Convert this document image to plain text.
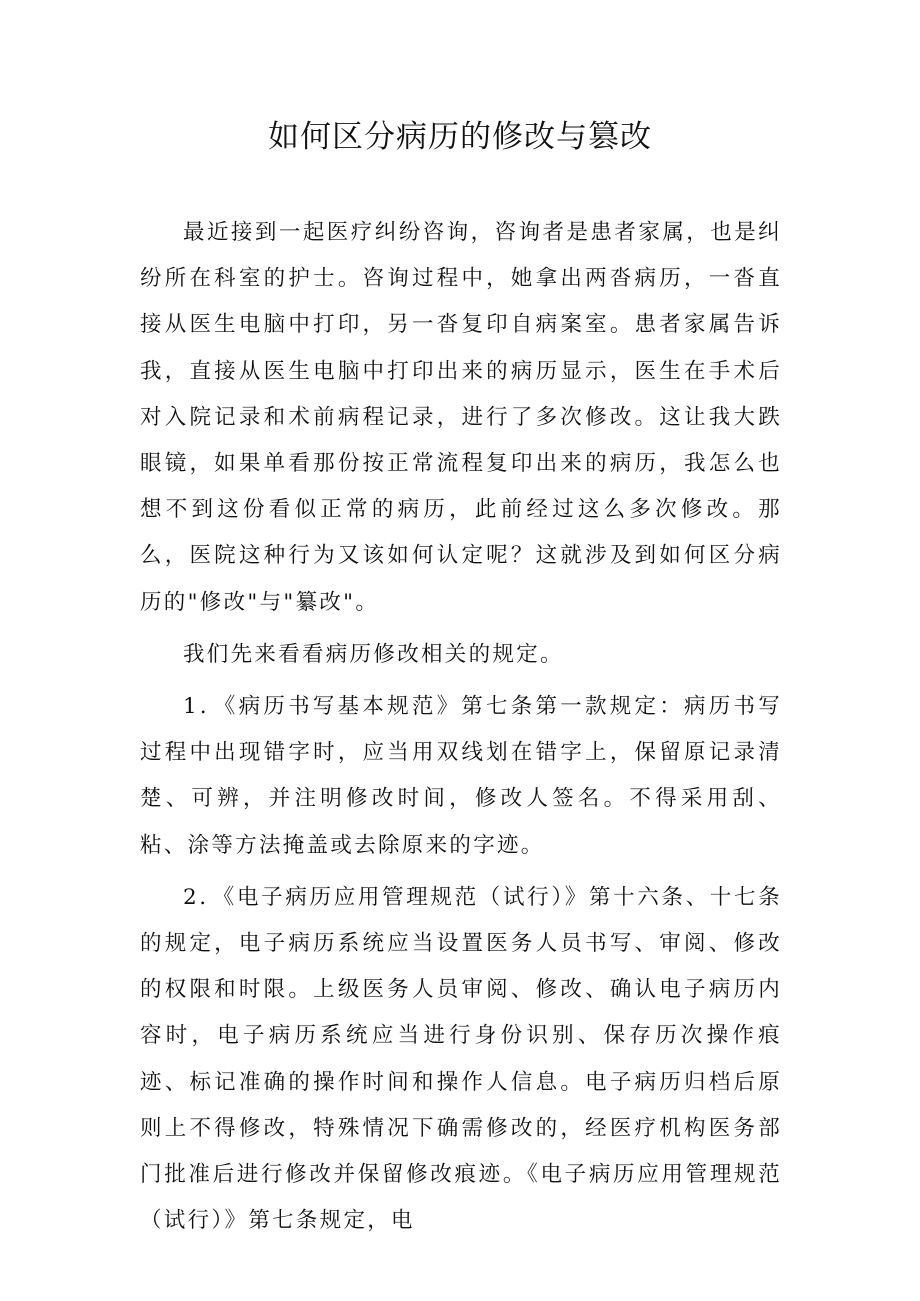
如何区分病历的修改与篡改

最近接到一起医疗纠纷咨询，咨询者是患者家属，也是纠纷所在科室的护士。咨询过程中，她拿出两沓病历，一沓直接从医生电脑中打印，另一沓复印自病案室。患者家属告诉我，直接从医生电脑中打印出来的病历显示，医生在手术后对入院记录和术前病程记录，进行了多次修改。这让我大跌眼镜，如果单看那份按正常流程复印出来的病历，我怎么也想不到这份看似正常的病历，此前经过这么多次修改。那么，医院这种行为又该如何认定呢？这就涉及到如何区分病历的"修改"与"纂改"。

我们先来看看病历修改相关的规定。

1．《病历书写基本规范》第七条第一款规定：病历书写过程中出现错字时，应当用双线划在错字上，保留原记录清楚、可辨，并注明修改时间，修改人签名。不得采用刮、粘、涂等方法掩盖或去除原来的字迹。

2．《电子病历应用管理规范（试行）》第十六条、十七条的规定，电子病历系统应当设置医务人员书写、审阅、修改的权限和时限。上级医务人员审阅、修改、确认电子病历内容时，电子病历系统应当进行身份识别、保存历次操作痕迹、标记准确的操作时间和操作人信息。电子病历归档后原则上不得修改，特殊情况下确需修改的，经医疗机构医务部门批准后进行修改并保留修改痕迹。《电子病历应用管理规范（试行）》第七条规定，电
